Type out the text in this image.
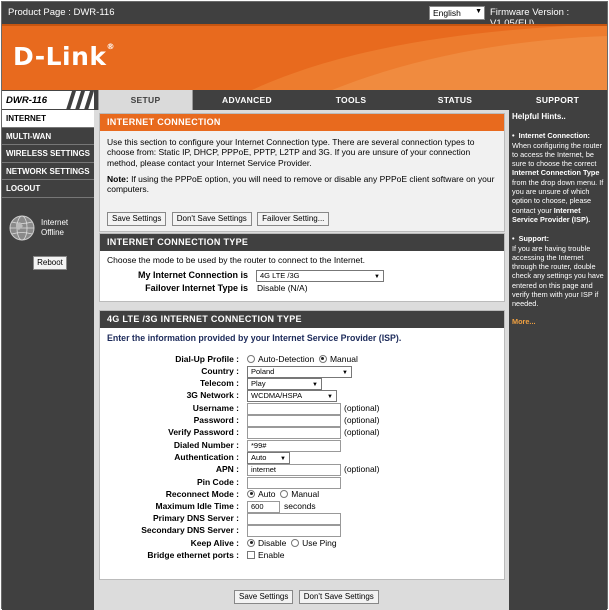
Product Page : DWR-116	English ▼ Firmware Version :
D-Link®
DWR-116	SETUP	ADVANCED	TOOLS	STATUS	SUPPORT
INTERNET
MULTI-WAN
WIRELESS SETTINGS
NETWORK SETTINGS
LOGOUT
Internet
Offline
Reboot
INTERNET CONNECTION

Use this section to configure your Internet Connection type. There are several connection types to choose from: Static IP, DHCP, PPPoE, PPTP, L2TP and 3G. If you are unsure of your connection method, please contact your Internet Service Provider.

Note: If using the PPPoE option, you will need to remove or disable any PPPoE client software on your computers.

Save Settings Don't Save Settings Failover Setting...
INTERNET CONNECTION TYPE
Choose the mode to be used by the router to connect to the Internet.
My Internet Connection is	4G LTE /3G	▼
Failover Internet Type is Disable (N/A)
4G LTE /3G INTERNET CONNECTION TYPE
Enter the information provided by your Internet Service Provider (ISP).
Dial-Up Profile :	Auto-Detection Manual
Country :	Poland	▼
Telecom :	Play	▼
3G Network :	WCDMA/HSPA	▼
Username :	(optional)
Password :	(optional)
Verify Password :	(optional)
Dialed Number :	*99#
Authentication :	Auto ▼
APN :	internet	(optional)
Pin Code :
Reconnect Mode :	Auto Manual
Maximum Idle Time :	600	seconds
Primary DNS Server :
Secondary DNS Server :
Keep Alive :	Disable Use Ping
Bridge ethernet ports :	Enable
Save Settings Don't Save Settings
Helpful Hints..
•  Internet Connection:
When configuring the router to access the Internet, be sure to choose the correct Internet Connection Type from the drop down menu. If you are unsure of which option to choose, please contact your Internet Service Provider (ISP).
•  Support:
If you are having trouble accessing the Internet through the router, double check any settings you have entered on this page and verify them with your ISP if needed.
More...
